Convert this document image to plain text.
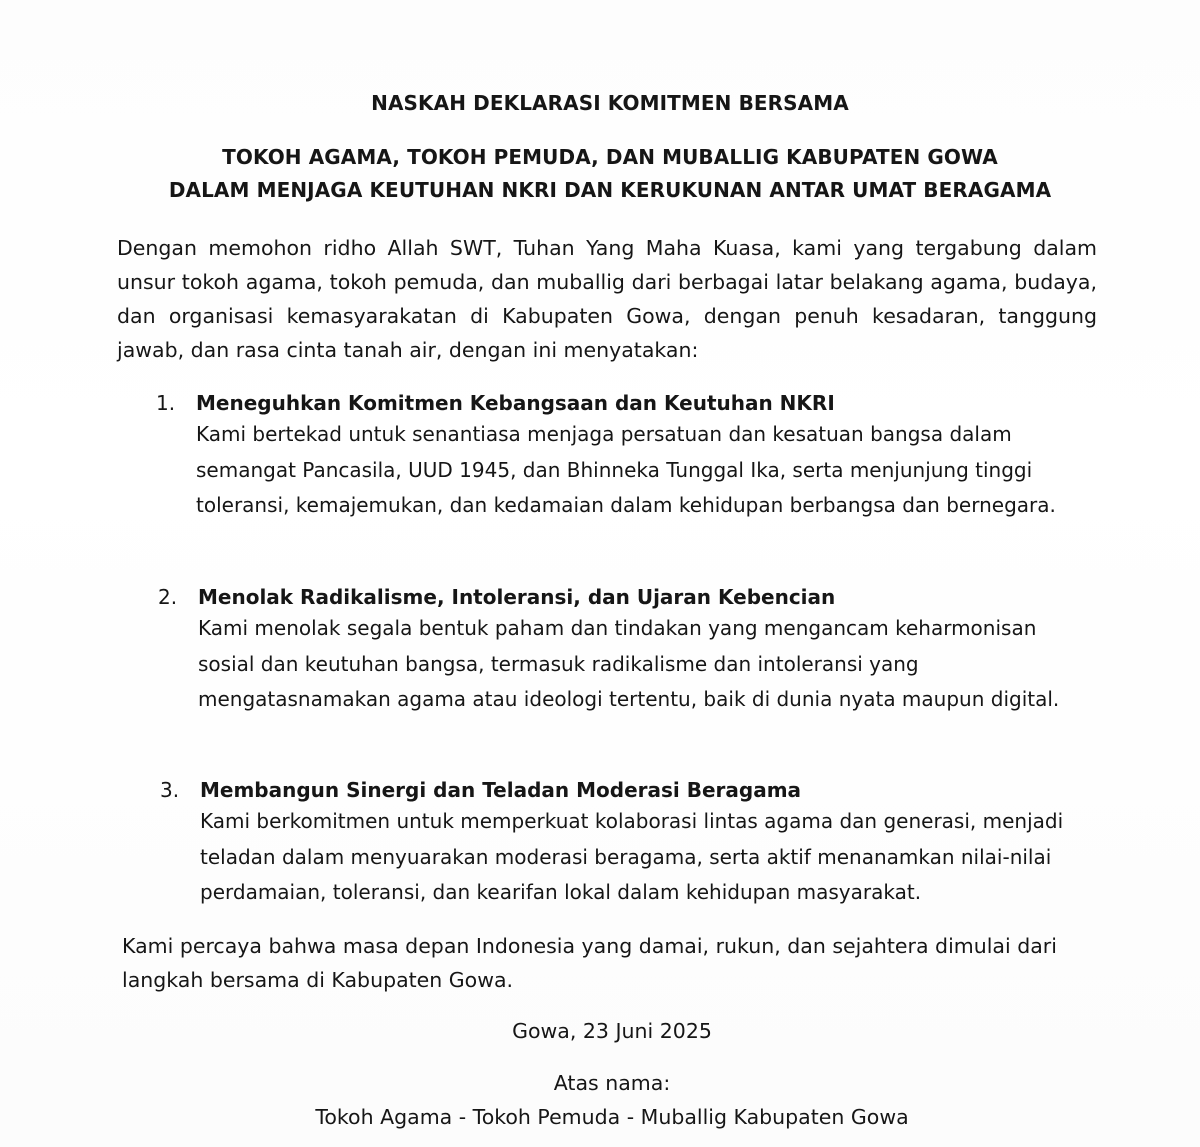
NASKAH DEKLARASI KOMITMEN BERSAMA
TOKOH AGAMA, TOKOH PEMUDA, DAN MUBALLIG KABUPATEN GOWA
DALAM MENJAGA KEUTUHAN NKRI DAN KERUKUNAN ANTAR UMAT BERAGAMA
Dengan memohon ridho Allah SWT, Tuhan Yang Maha Kuasa, kami yang tergabung dalam unsur tokoh agama, tokoh pemuda, dan muballig dari berbagai latar belakang agama, budaya, dan organisasi kemasyarakatan di Kabupaten Gowa, dengan penuh kesadaran, tanggung jawab, dan rasa cinta tanah air, dengan ini menyatakan:
1.	Meneguhkan Komitmen Kebangsaan dan Keutuhan NKRI
Kami bertekad untuk senantiasa menjaga persatuan dan kesatuan bangsa dalam semangat Pancasila, UUD 1945, dan Bhinneka Tunggal Ika, serta menjunjung tinggi toleransi, kemajemukan, dan kedamaian dalam kehidupan berbangsa dan bernegara.
2.	Menolak Radikalisme, Intoleransi, dan Ujaran Kebencian
Kami menolak segala bentuk paham dan tindakan yang mengancam keharmonisan sosial dan keutuhan bangsa, termasuk radikalisme dan intoleransi yang mengatasnamakan agama atau ideologi tertentu, baik di dunia nyata maupun digital.
3.	Membangun Sinergi dan Teladan Moderasi Beragama
Kami berkomitmen untuk memperkuat kolaborasi lintas agama dan generasi, menjadi teladan dalam menyuarakan moderasi beragama, serta aktif menanamkan nilai-nilai perdamaian, toleransi, dan kearifan lokal dalam kehidupan masyarakat.
Kami percaya bahwa masa depan Indonesia yang damai, rukun, dan sejahtera dimulai dari langkah bersama di Kabupaten Gowa.
Gowa, 23 Juni 2025
Atas nama:
Tokoh Agama - Tokoh Pemuda - Muballig Kabupaten Gowa
